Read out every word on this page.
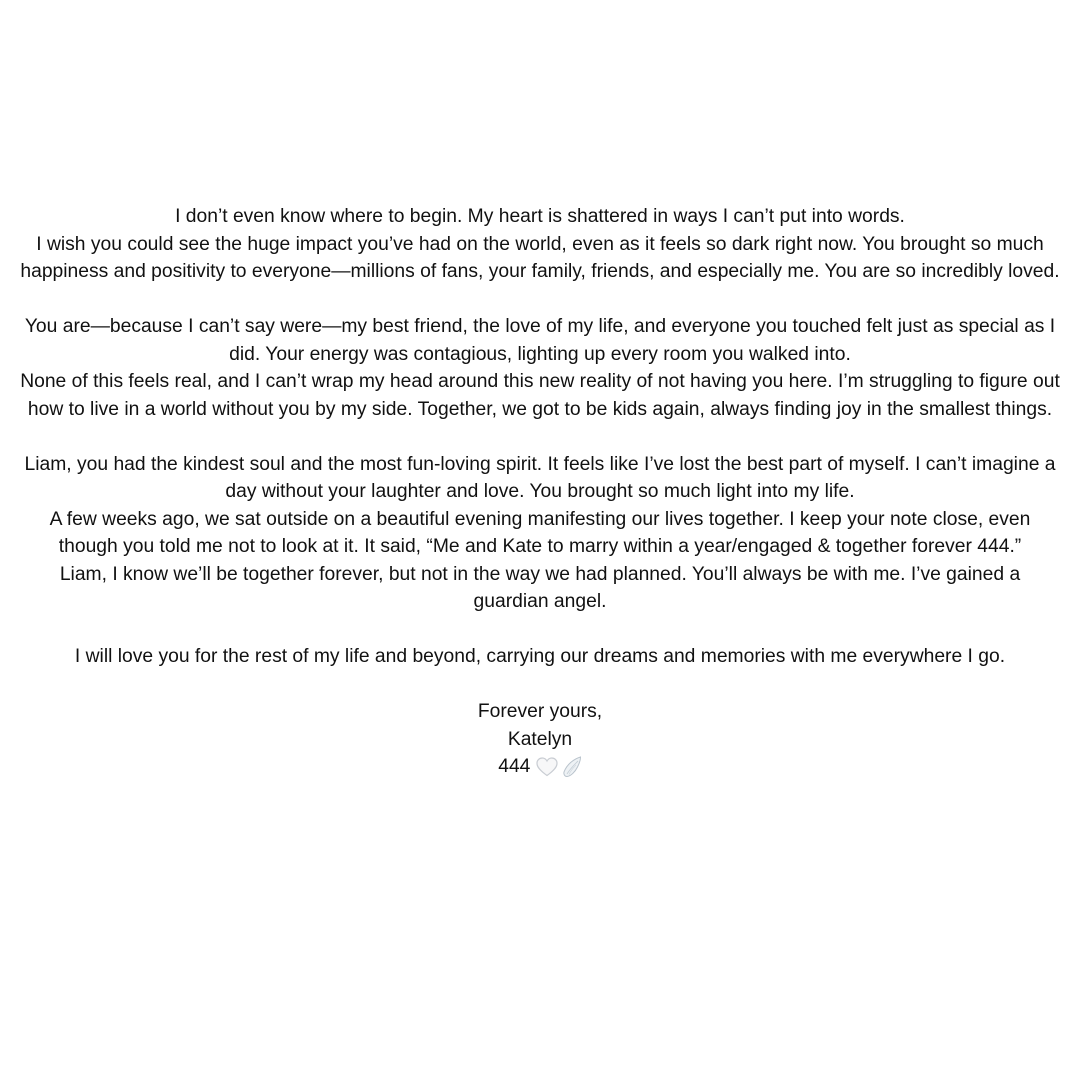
I don’t even know where to begin. My heart is shattered in ways I can’t put into words.

I wish you could see the huge impact you’ve had on the world, even as it feels so dark right now. You brought so much happiness and positivity to everyone—millions of fans, your family, friends, and especially me. You are so incredibly loved.

You are—because I can’t say were—my best friend, the love of my life, and everyone you touched felt just as special as I did. Your energy was contagious, lighting up every room you walked into.

None of this feels real, and I can’t wrap my head around this new reality of not having you here. I’m struggling to figure out how to live in a world without you by my side. Together, we got to be kids again, always finding joy in the smallest things.

Liam, you had the kindest soul and the most fun-loving spirit. It feels like I’ve lost the best part of myself. I can’t imagine a day without your laughter and love. You brought so much light into my life.

A few weeks ago, we sat outside on a beautiful evening manifesting our lives together. I keep your note close, even though you told me not to look at it. It said, “Me and Kate to marry within a year/engaged & together forever 444.”

Liam, I know we’ll be together forever, but not in the way we had planned. You’ll always be with me. I’ve gained a guardian angel.

I will love you for the rest of my life and beyond, carrying our dreams and memories with me everywhere I go.

Forever yours,

Katelyn

444
